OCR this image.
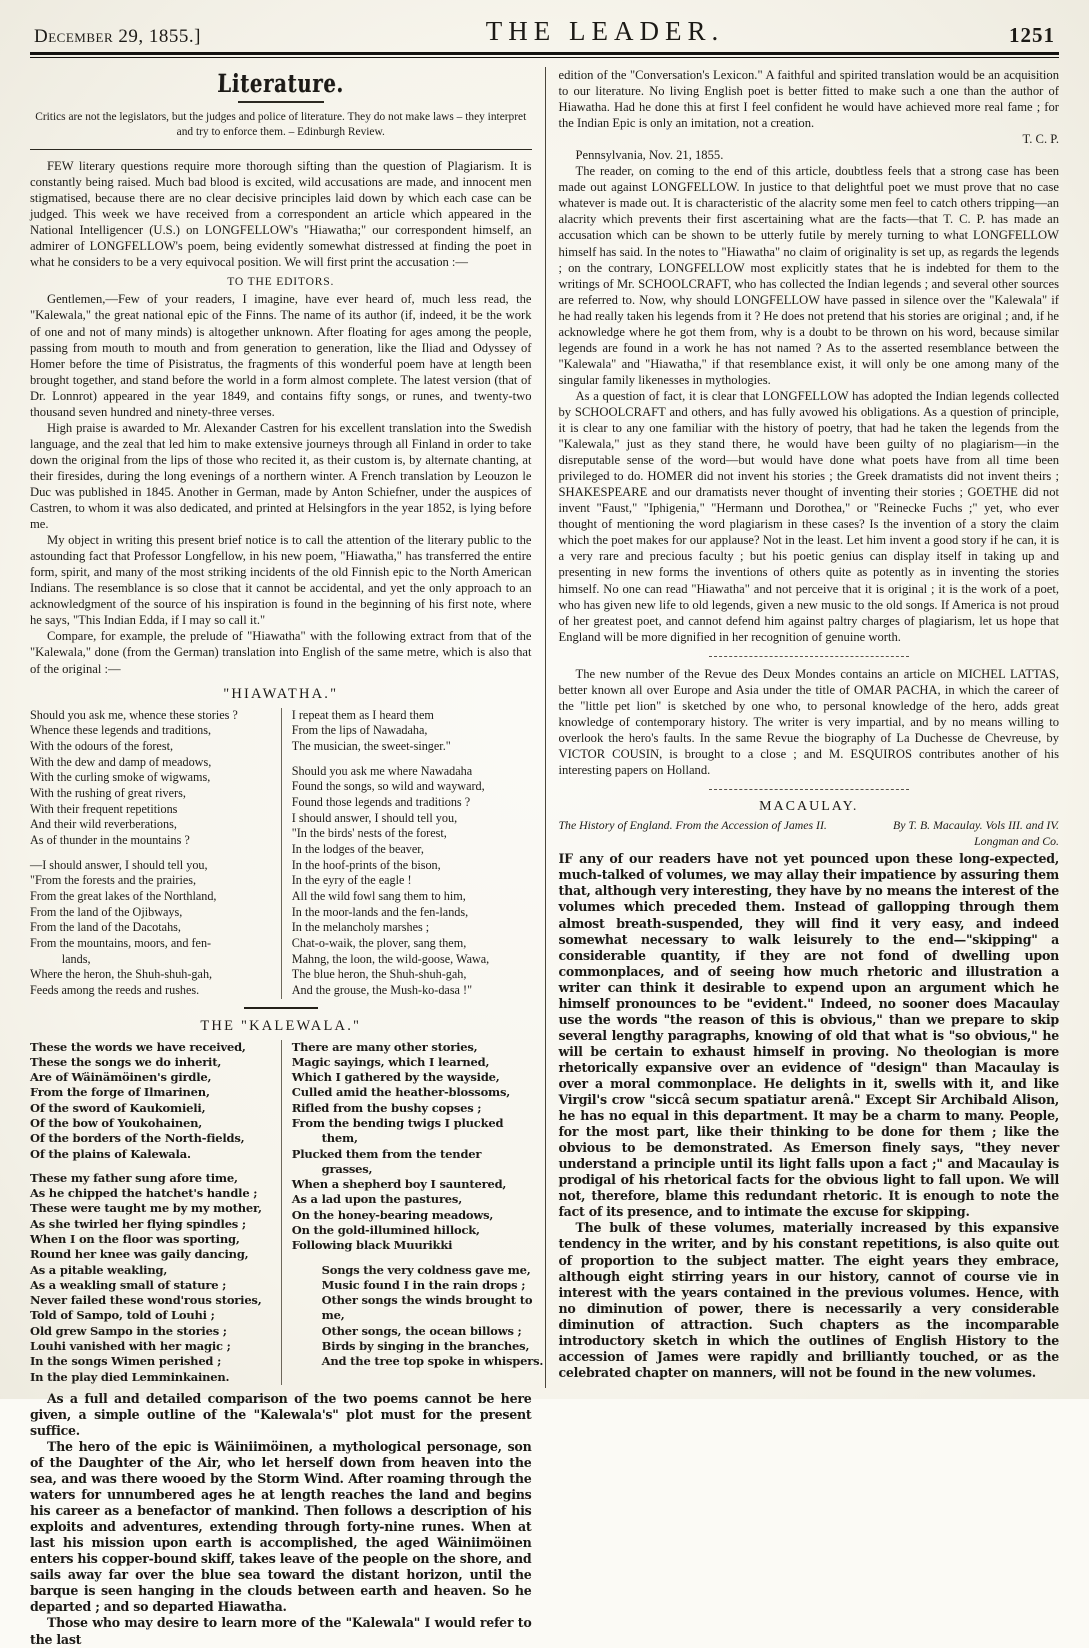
December 29, 1855.]	THE LEADER.	1251
Literature.
Critics are not the legislators, but the judges and police of literature. They do not make laws – they interpret and try to enforce them. – Edinburgh Review.

FEW literary questions require more thorough sifting than the question of Plagiarism. It is constantly being raised. Much bad blood is excited, wild accusations are made, and innocent men stigmatised, because there are no clear decisive principles laid down by which each case can be judged. This week we have received from a correspondent an article which appeared in the National Intelligencer (U.S.) on LONGFELLOW's "Hiawatha;" our correspondent himself, an admirer of LONGFELLOW's poem, being evidently somewhat distressed at finding the poet in what he considers to be a very equivocal position. We will first print the accusation :—

TO THE EDITORS.

Gentlemen,—Few of your readers, I imagine, have ever heard of, much less read, the "Kalewala," the great national epic of the Finns. The name of its author (if, indeed, it be the work of one and not of many minds) is altogether unknown. After floating for ages among the people, passing from mouth to mouth and from generation to generation, like the Iliad and Odyssey of Homer before the time of Pisistratus, the fragments of this wonderful poem have at length been brought together, and stand before the world in a form almost complete. The latest version (that of Dr. Lonnrot) appeared in the year 1849, and contains fifty songs, or runes, and twenty-two thousand seven hundred and ninety-three verses.

High praise is awarded to Mr. Alexander Castren for his excellent translation into the Swedish language, and the zeal that led him to make extensive journeys through all Finland in order to take down the original from the lips of those who recited it, as their custom is, by alternate chanting, at their firesides, during the long evenings of a northern winter. A French translation by Leouzon le Duc was published in 1845. Another in German, made by Anton Schiefner, under the auspices of Castren, to whom it was also dedicated, and printed at Helsingfors in the year 1852, is lying before me.

My object in writing this present brief notice is to call the attention of the literary public to the astounding fact that Professor Longfellow, in his new poem, "Hiawatha," has transferred the entire form, spirit, and many of the most striking incidents of the old Finnish epic to the North American Indians. The resemblance is so close that it cannot be accidental, and yet the only approach to an acknowledgment of the source of his inspiration is found in the beginning of his first note, where he says, "This Indian Edda, if I may so call it."

Compare, for example, the prelude of "Hiawatha" with the following extract from that of the "Kalewala," done (from the German) translation into English of the same metre, which is also that of the original :—

"HIAWATHA."

Should you ask me, whence these stories ?
Whence these legends and traditions,
With the odours of the forest,
With the dew and damp of meadows,
With the curling smoke of wigwams,
With the rushing of great rivers,
With their frequent repetitions
And their wild reverberations,
As of thunder in the mountains ?

—I should answer, I should tell you,
"From the forests and the prairies,
From the great lakes of the Northland,
From the land of the Ojibways,
From the land of the Dacotahs,
From the mountains, moors, and fen-
lands,
Where the heron, the Shuh-shuh-gah,
Feeds among the reeds and rushes.

I repeat them as I heard them
From the lips of Nawadaha,
The musician, the sweet-singer."

Should you ask me where Nawadaha
Found the songs, so wild and wayward,
Found those legends and traditions ?
I should answer, I should tell you,
"In the birds' nests of the forest,
In the lodges of the beaver,
In the hoof-prints of the bison,
In the eyry of the eagle !
All the wild fowl sang them to him,
In the moor-lands and the fen-lands,
In the melancholy marshes ;
Chat-o-waik, the plover, sang them,
Mahng, the loon, the wild-goose, Wawa,
The blue heron, the Shuh-shuh-gah,
And the grouse, the Mush-ko-dasa !"

THE "KALEWALA."

These the words we have received,
These the songs we do inherit,
Are of Wäinämöinen's girdle,
From the forge of Ilmarinen,
Of the sword of Kaukomieli,
Of the bow of Youkohainen,
Of the borders of the North-fields,
Of the plains of Kalewala.

These my father sung afore time,
As he chipped the hatchet's handle ;
These were taught me by my mother,
As she twirled her flying spindles ;
When I on the floor was sporting,
Round her knee was gaily dancing,
As a pitable weakling,
As a weakling small of stature ;
Never failed these wond'rous stories,
Told of Sampo, told of Louhi ;
Old grew Sampo in the stories ;
Louhi vanished with her magic ;
In the songs Wimen perished ;
In the play died Lemminkainen.

There are many other stories,
Magic sayings, which I learned,
Which I gathered by the wayside,
Culled amid the heather-blossoms,
Rifled from the bushy copses ;
From the bending twigs I plucked
them,
Plucked them from the tender
grasses,
When a shepherd boy I sauntered,
As a lad upon the pastures,
On the honey-bearing meadows,
On the gold-illumined hillock,
Following black Muurikki

Songs the very coldness gave me,
Music found I in the rain drops ;
Other songs the winds brought to
me,
Other songs, the ocean billows ;
Birds by singing in the branches,
And the tree top spoke in whispers.

As a full and detailed comparison of the two poems cannot be here given, a simple outline of the "Kalewala's" plot must for the present suffice.

The hero of the epic is Wäiniimöinen, a mythological personage, son of the Daughter of the Air, who let herself down from heaven into the sea, and was there wooed by the Storm Wind. After roaming through the waters for unnumbered ages he at length reaches the land and begins his career as a benefactor of mankind. Then follows a description of his exploits and adventures, extending through forty-nine runes. When at last his mission upon earth is accomplished, the aged Wäiniimöinen enters his copper-bound skiff, takes leave of the people on the shore, and sails away far over the blue sea toward the distant horizon, until the barque is seen hanging in the clouds between earth and heaven. So he departed ; and so departed Hiawatha.

Those who may desire to learn more of the "Kalewala" I would refer to the last

edition of the "Conversation's Lexicon." A faithful and spirited translation would be an acquisition to our literature. No living English poet is better fitted to make such a one than the author of Hiawatha. Had he done this at first I feel confident he would have achieved more real fame ; for the Indian Epic is only an imitation, not a creation.

T. C. P.

Pennsylvania, Nov. 21, 1855.

The reader, on coming to the end of this article, doubtless feels that a strong case has been made out against LONGFELLOW. In justice to that delightful poet we must prove that no case whatever is made out. It is characteristic of the alacrity some men feel to catch others tripping—an alacrity which prevents their first ascertaining what are the facts—that T. C. P. has made an accusation which can be shown to be utterly futile by merely turning to what LONGFELLOW himself has said. In the notes to "Hiawatha" no claim of originality is set up, as regards the legends ; on the contrary, LONGFELLOW most explicitly states that he is indebted for them to the writings of Mr. SCHOOLCRAFT, who has collected the Indian legends ; and several other sources are referred to. Now, why should LONGFELLOW have passed in silence over the "Kalewala" if he had really taken his legends from it ? He does not pretend that his stories are original ; and, if he acknowledge where he got them from, why is a doubt to be thrown on his word, because similar legends are found in a work he has not named ? As to the asserted resemblance between the "Kalewala" and "Hiawatha," if that resemblance exist, it will only be one among many of the singular family likenesses in mythologies.

As a question of fact, it is clear that LONGFELLOW has adopted the Indian legends collected by SCHOOLCRAFT and others, and has fully avowed his obligations. As a question of principle, it is clear to any one familiar with the history of poetry, that had he taken the legends from the "Kalewala," just as they stand there, he would have been guilty of no plagiarism—in the disreputable sense of the word—but would have done what poets have from all time been privileged to do. HOMER did not invent his stories ; the Greek dramatists did not invent theirs ; SHAKESPEARE and our dramatists never thought of inventing their stories ; GOETHE did not invent "Faust," "Iphigenia," "Hermann und Dorothea," or "Reinecke Fuchs ;" yet, who ever thought of mentioning the word plagiarism in these cases? Is the invention of a story the claim which the poet makes for our applause? Not in the least. Let him invent a good story if he can, it is a very rare and precious faculty ; but his poetic genius can display itself in taking up and presenting in new forms the inventions of others quite as potently as in inventing the stories himself. No one can read "Hiawatha" and not perceive that it is original ; it is the work of a poet, who has given new life to old legends, given a new music to the old songs. If America is not proud of her greatest poet, and cannot defend him against paltry charges of plagiarism, let us hope that England will be more dignified in her recognition of genuine worth.

The new number of the Revue des Deux Mondes contains an article on MICHEL LATTAS, better known all over Europe and Asia under the title of OMAR PACHA, in which the career of the "little pet lion" is sketched by one who, to personal knowledge of the hero, adds great knowledge of contemporary history. The writer is very impartial, and by no means willing to overlook the hero's faults. In the same Revue the biography of La Duchesse de Chevreuse, by VICTOR COUSIN, is brought to a close ; and M. ESQUIROS contributes another of his interesting papers on Holland.

MACAULAY.
The History of England. From the Accession of James II.	By T. B. Macaulay. Vols III. and IV.
Longman and Co.

IF any of our readers have not yet pounced upon these long-expected, much-talked of volumes, we may allay their impatience by assuring them that, although very interesting, they have by no means the interest of the volumes which preceded them. Instead of gallopping through them almost breath-suspended, they will find it very easy, and indeed somewhat necessary to walk leisurely to the end—"skipping" a considerable quantity, if they are not fond of dwelling upon commonplaces, and of seeing how much rhetoric and illustration a writer can think it desirable to expend upon an argument which he himself pronounces to be "evident." Indeed, no sooner does Macaulay use the words "the reason of this is obvious," than we prepare to skip several lengthy paragraphs, knowing of old that what is "so obvious," he will be certain to exhaust himself in proving. No theologian is more rhetorically expansive over an evidence of "design" than Macaulay is over a moral commonplace. He delights in it, swells with it, and like Virgil's crow "siccâ secum spatiatur arenâ." Except Sir Archibald Alison, he has no equal in this department. It may be a charm to many. People, for the most part, like their thinking to be done for them ; like the obvious to be demonstrated. As Emerson finely says, "they never understand a principle until its light falls upon a fact ;" and Macaulay is prodigal of his rhetorical facts for the obvious light to fall upon. We will not, therefore, blame this redundant rhetoric. It is enough to note the fact of its presence, and to intimate the excuse for skipping.

The bulk of these volumes, materially increased by this expansive tendency in the writer, and by his constant repetitions, is also quite out of proportion to the subject matter. The eight years they embrace, although eight stirring years in our history, cannot of course vie in interest with the years contained in the previous volumes. Hence, with no diminution of power, there is necessarily a very considerable diminution of attraction. Such chapters as the incomparable introductory sketch in which the outlines of English History to the accession of James were rapidly and brilliantly touched, or as the celebrated chapter on manners, will not be found in the new volumes.
